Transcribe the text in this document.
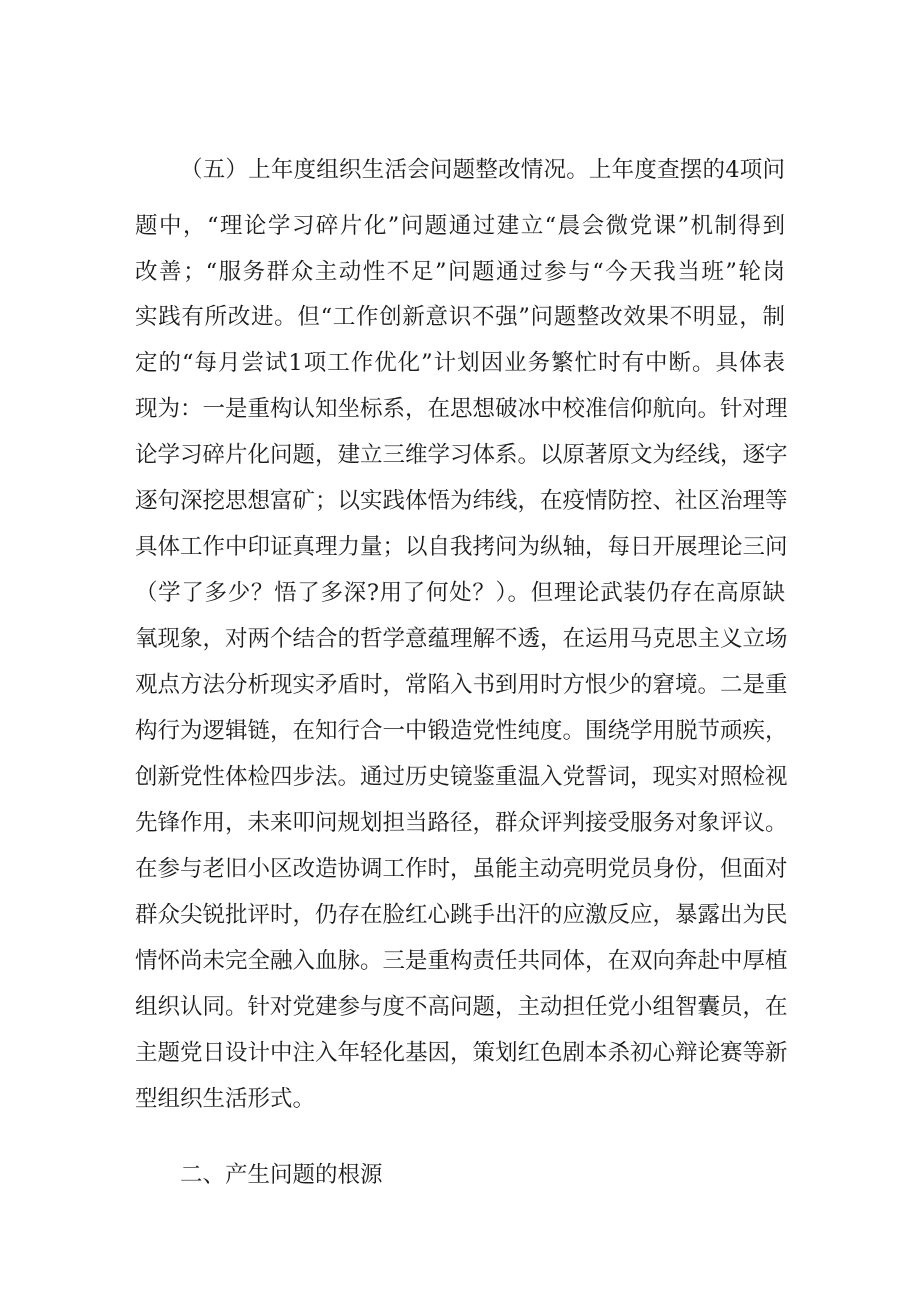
（五）上年度组织生活会问题整改情况。上年度查摆的4项问
题中，“理论学习碎片化”问题通过建立“晨会微党课”机制得到
改善；“服务群众主动性不足”问题通过参与“今天我当班”轮岗
实践有所改进。但“工作创新意识不强”问题整改效果不明显，制
定的“每月尝试1项工作优化”计划因业务繁忙时有中断。具体表
现为：一是重构认知坐标系，在思想破冰中校准信仰航向。针对理
论学习碎片化问题，建立三维学习体系。以原著原文为经线，逐字
逐句深挖思想富矿；以实践体悟为纬线，在疫情防控、社区治理等
具体工作中印证真理力量；以自我拷问为纵轴，每日开展理论三问
（学了多少？悟了多深?用了何处？）。但理论武装仍存在高原缺
氧现象，对两个结合的哲学意蕴理解不透，在运用马克思主义立场
观点方法分析现实矛盾时，常陷入书到用时方恨少的窘境。二是重
构行为逻辑链，在知行合一中锻造党性纯度。围绕学用脱节顽疾，
创新党性体检四步法。通过历史镜鉴重温入党誓词，现实对照检视
先锋作用，未来叩问规划担当路径，群众评判接受服务对象评议。
在参与老旧小区改造协调工作时，虽能主动亮明党员身份，但面对
群众尖锐批评时，仍存在脸红心跳手出汗的应激反应，暴露出为民
情怀尚未完全融入血脉。三是重构责任共同体，在双向奔赴中厚植
组织认同。针对党建参与度不高问题，主动担任党小组智囊员，在
主题党日设计中注入年轻化基因，策划红色剧本杀初心辩论赛等新
型组织生活形式。
二、产生问题的根源
